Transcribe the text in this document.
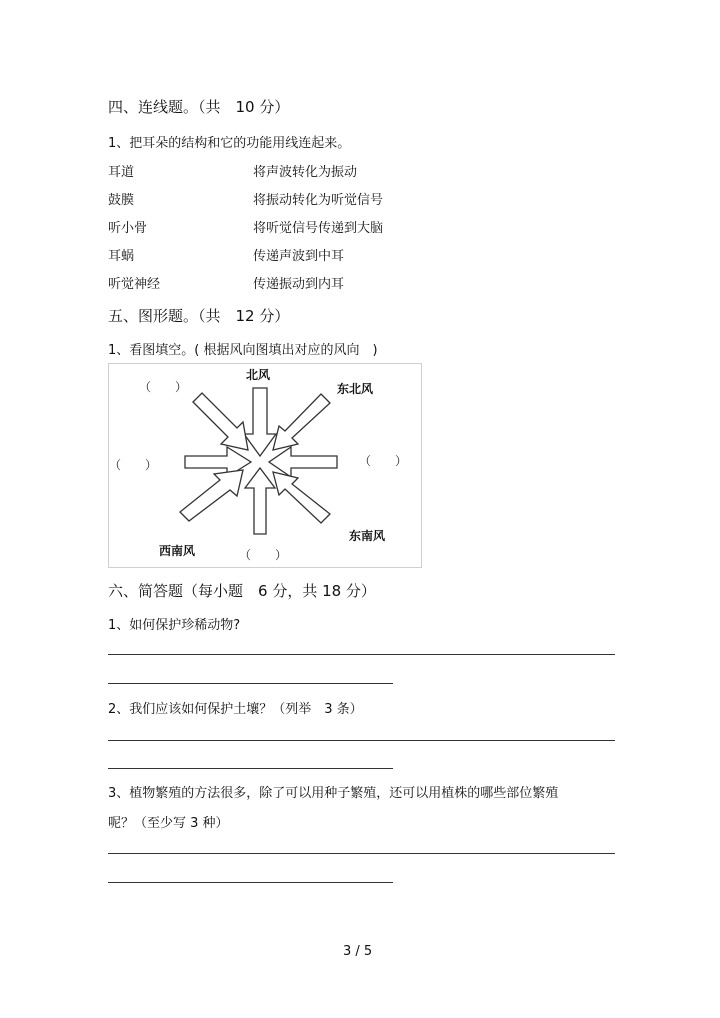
四、连线题。（共　10 分）
1、把耳朵的结构和它的功能用线连起来。
耳道
鼓膜
听小骨
耳蜗
听觉神经
将声波转化为振动
将振动转化为听觉信号
将听觉信号传递到大脑
传递声波到中耳
传递振动到内耳
五、图形题。（共　12 分）
1、看图填空。( 根据风向图填出对应的风向　)
北风
东北风
东南风
西南风
（　　）
（　　）	（　　）
（　　）
六、简答题（每小题　6 分，共 18 分）
1、如何保护珍稀动物?
2、我们应该如何保护土壤？（列举　3 条）
3、植物繁殖的方法很多，除了可以用种子繁殖，还可以用植株的哪些部位繁殖
呢？（至少写 3 种）
3 / 5
